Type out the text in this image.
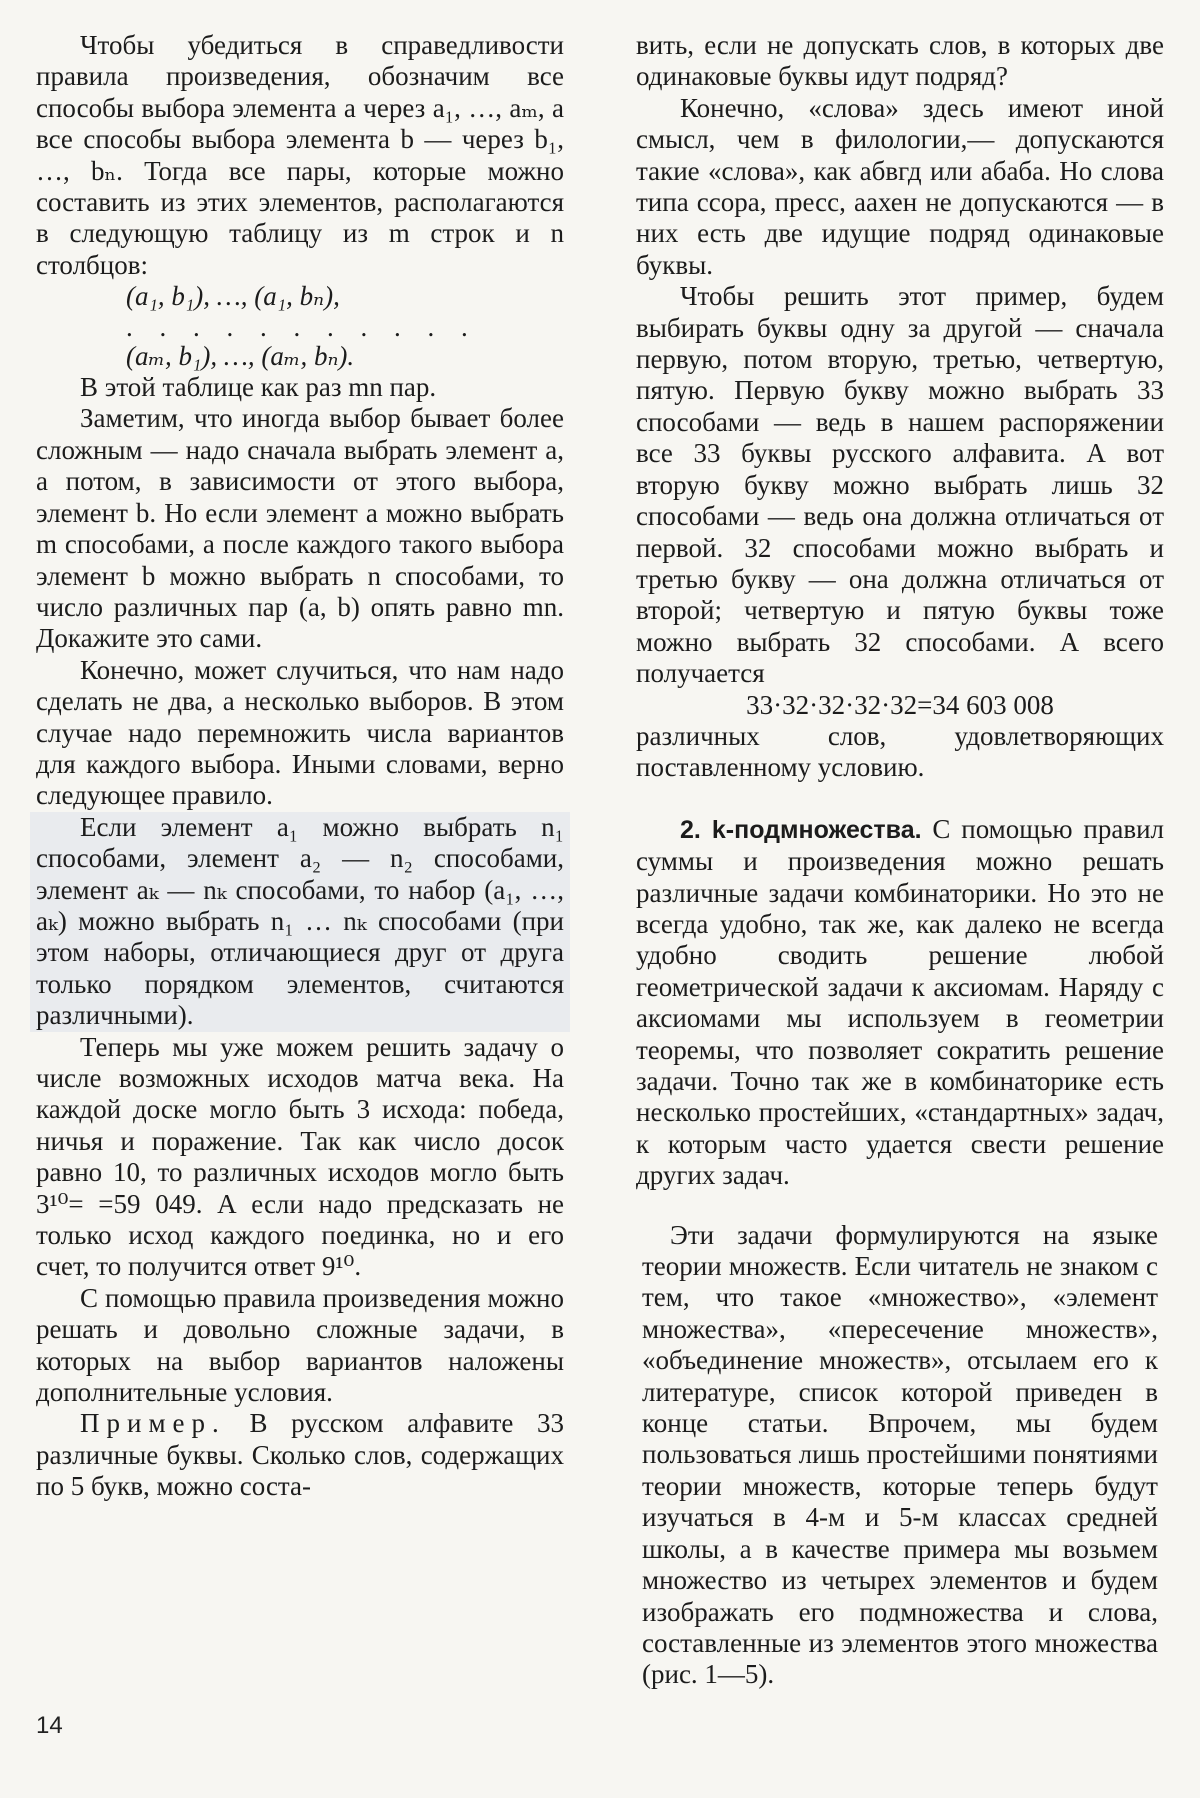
Чтобы убедиться в справедливости правила произведения, обозначим все способы выбора элемента a через a₁, …, aₘ, а все способы выбора элемента b — через b₁, …, bₙ. Тогда все пары, которые можно составить из этих элементов, располагаются в следующую таблицу из m строк и n столбцов:

(a₁, b₁), …, (a₁, bₙ),
. . . . . . . . . . .
(aₘ, b₁), …, (aₘ, bₙ).

В этой таблице как раз mn пар.

Заметим, что иногда выбор бывает более сложным — надо сначала выбрать элемент a, а потом, в зависимости от этого выбора, элемент b. Но если элемент a можно выбрать m способами, а после каждого такого выбора элемент b можно выбрать n способами, то число различных пар (a, b) опять равно mn. Докажите это сами.

Конечно, может случиться, что нам надо сделать не два, а несколько выборов. В этом случае надо перемножить числа вариантов для каждого выбора. Иными словами, верно следующее правило.

Если элемент a₁ можно выбрать n₁ способами, элемент a₂ — n₂ способами, элемент aₖ — nₖ способами, то набор (a₁, …, aₖ) можно выбрать n₁ … nₖ способами (при этом наборы, отличающиеся друг от друга только порядком элементов, считаются различными).

Теперь мы уже можем решить задачу о числе возможных исходов матча века. На каждой доске могло быть 3 исхода: победа, ничья и поражение. Так как число досок равно 10, то различных исходов могло быть 3¹⁰= =59 049. А если надо предсказать не только исход каждого поединка, но и его счет, то получится ответ 9¹⁰.

С помощью правила произведения можно решать и довольно сложные задачи, в которых на выбор вариантов наложены дополнительные условия.

Пример. В русском алфавите 33 различные буквы. Сколько слов, содержащих по 5 букв, можно соста-

вить, если не допускать слов, в которых две одинаковые буквы идут подряд?

Конечно, «слова» здесь имеют иной смысл, чем в филологии,— допускаются такие «слова», как абвгд или абаба. Но слова типа ссора, пресс, аахен не допускаются — в них есть две идущие подряд одинаковые буквы.

Чтобы решить этот пример, будем выбирать буквы одну за другой — сначала первую, потом вторую, третью, четвертую, пятую. Первую букву можно выбрать 33 способами — ведь в нашем распоряжении все 33 буквы русского алфавита. А вот вторую букву можно выбрать лишь 32 способами — ведь она должна отличаться от первой. 32 способами можно выбрать и третью букву — она должна отличаться от второй; четвертую и пятую буквы тоже можно выбрать 32 способами. А всего получается

33·32·32·32·32=34 603 008

различных слов, удовлетворяющих поставленному условию.

2. k-подмножества. С помощью правил суммы и произведения можно решать различные задачи комбинаторики. Но это не всегда удобно, так же, как далеко не всегда удобно сводить решение любой геометрической задачи к аксиомам. Наряду с аксиомами мы используем в геометрии теоремы, что позволяет сократить решение задачи. Точно так же в комбинаторике есть несколько простейших, «стандартных» задач, к которым часто удается свести решение других задач.

Эти задачи формулируются на языке теории множеств. Если читатель не знаком с тем, что такое «множество», «элемент множества», «пересечение множеств», «объединение множеств», отсылаем его к литературе, список которой приведен в конце статьи. Впрочем, мы будем пользоваться лишь простейшими понятиями теории множеств, которые теперь будут изучаться в 4-м и 5-м классах средней школы, а в качестве примера мы возьмем множество из четырех элементов и будем изображать его подмножества и слова, составленные из элементов этого множества (рис. 1—5).

14
